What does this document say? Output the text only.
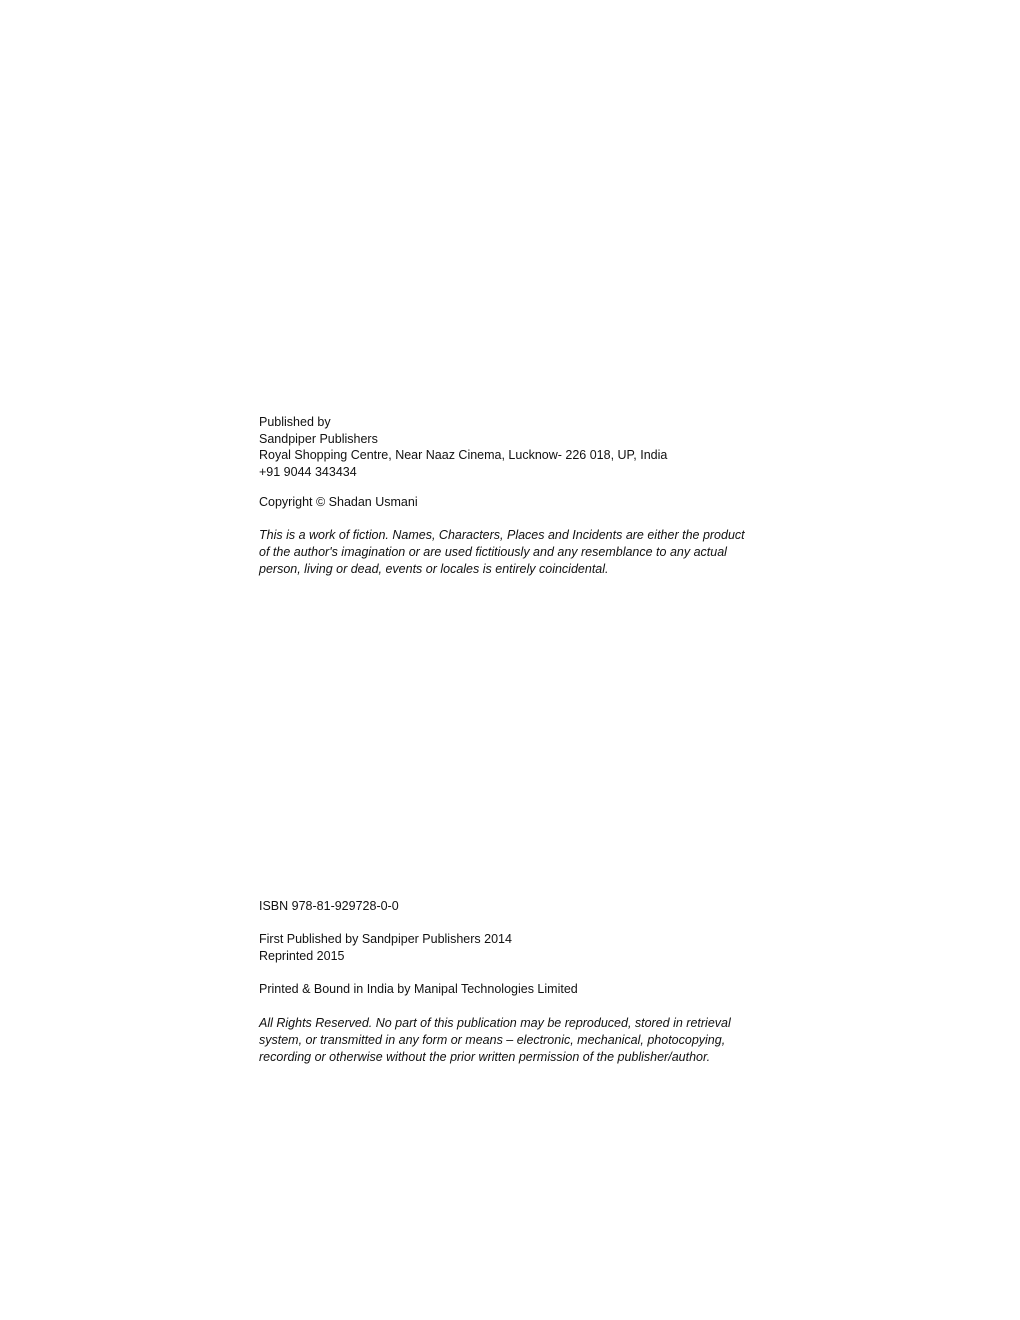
Published by
Sandpiper Publishers
Royal Shopping Centre, Near Naaz Cinema, Lucknow- 226 018, UP, India
+91 9044 343434
Copyright © Shadan Usmani
This is a work of fiction. Names, Characters, Places and Incidents are either the product
of the author's imagination or are used fictitiously and any resemblance to any actual
person, living or dead, events or locales is entirely coincidental.
ISBN 978-81-929728-0-0
First Published by Sandpiper Publishers 2014
Reprinted 2015
Printed & Bound in India by Manipal Technologies Limited
All Rights Reserved. No part of this publication may be reproduced, stored in retrieval
system, or transmitted in any form or means – electronic, mechanical, photocopying,
recording or otherwise without the prior written permission of the publisher/author.
